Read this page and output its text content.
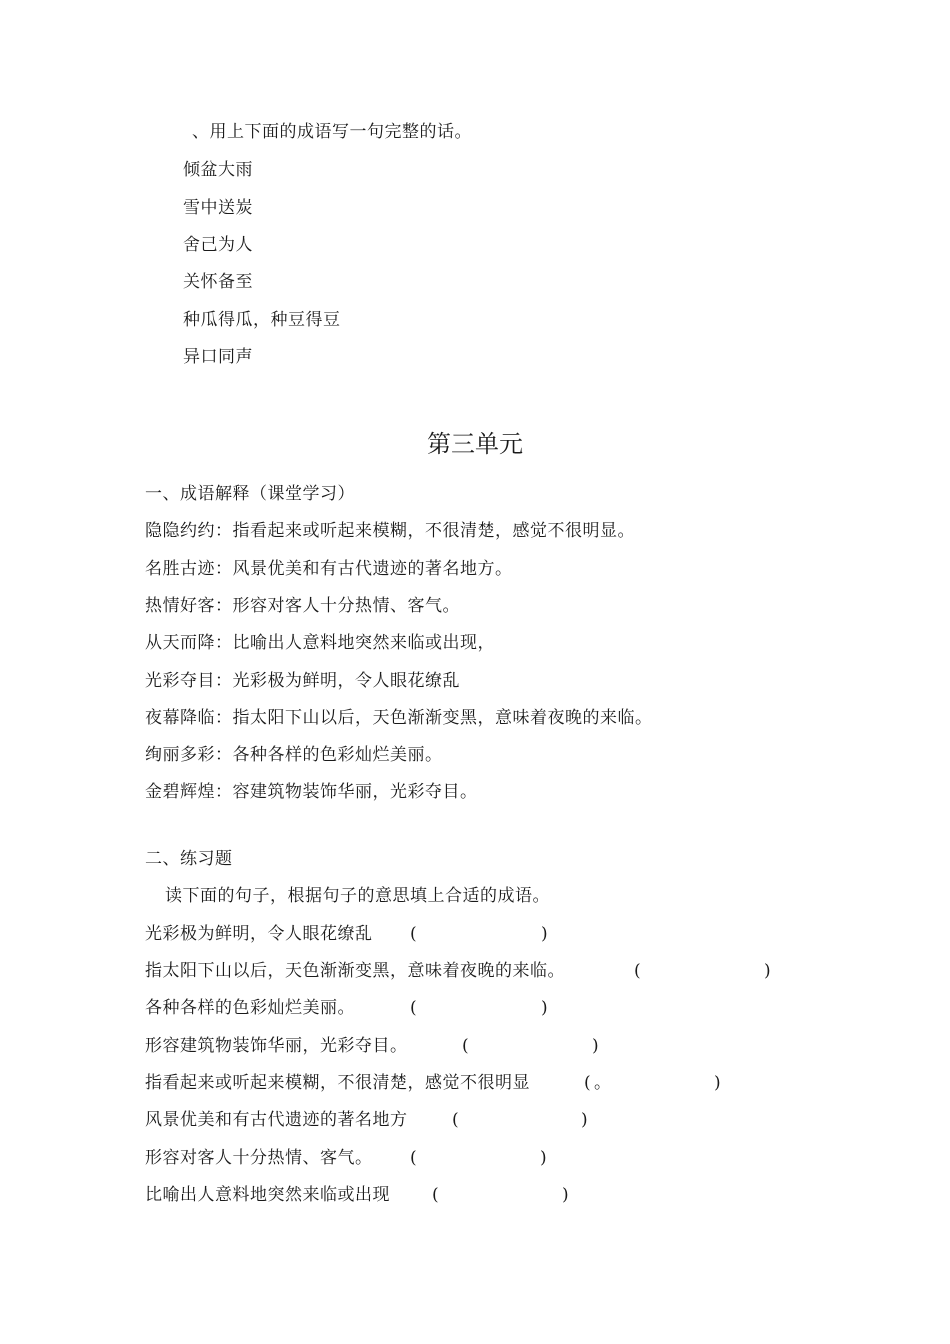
、用上下面的成语写一句完整的话。
倾盆大雨
雪中送炭
舍己为人
关怀备至
种瓜得瓜，种豆得豆
异口同声
第三单元
一、成语解释（课堂学习）
隐隐约约：指看起来或听起来模糊，不很清楚，感觉不很明显。
名胜古迹：风景优美和有古代遗迹的著名地方。
热情好客：形容对客人十分热情、客气。
从天而降：比喻出人意料地突然来临或出现，
光彩夺目：光彩极为鲜明，令人眼花缭乱
夜幕降临：指太阳下山以后，天色渐渐变黑，意味着夜晚的来临。
绚丽多彩：各种各样的色彩灿烂美丽。
金碧辉煌：容建筑物装饰华丽，光彩夺目。
二、练习题
读下面的句子，根据句子的意思填上合适的成语。
光彩极为鲜明，令人眼花缭乱 (	)
指太阳下山以后，天色渐渐变黑，意味着夜晚的来临。	(	)
各种各样的色彩灿烂美丽。	(	)
形容建筑物装饰华丽，光彩夺目。	(	)
指看起来或听起来模糊，不很清楚，感觉不很明显	( 。	)
风景优美和有古代遗迹的著名地方	(	)
形容对客人十分热情、客气。 (	)
比喻出人意料地突然来临或出现 (	)
